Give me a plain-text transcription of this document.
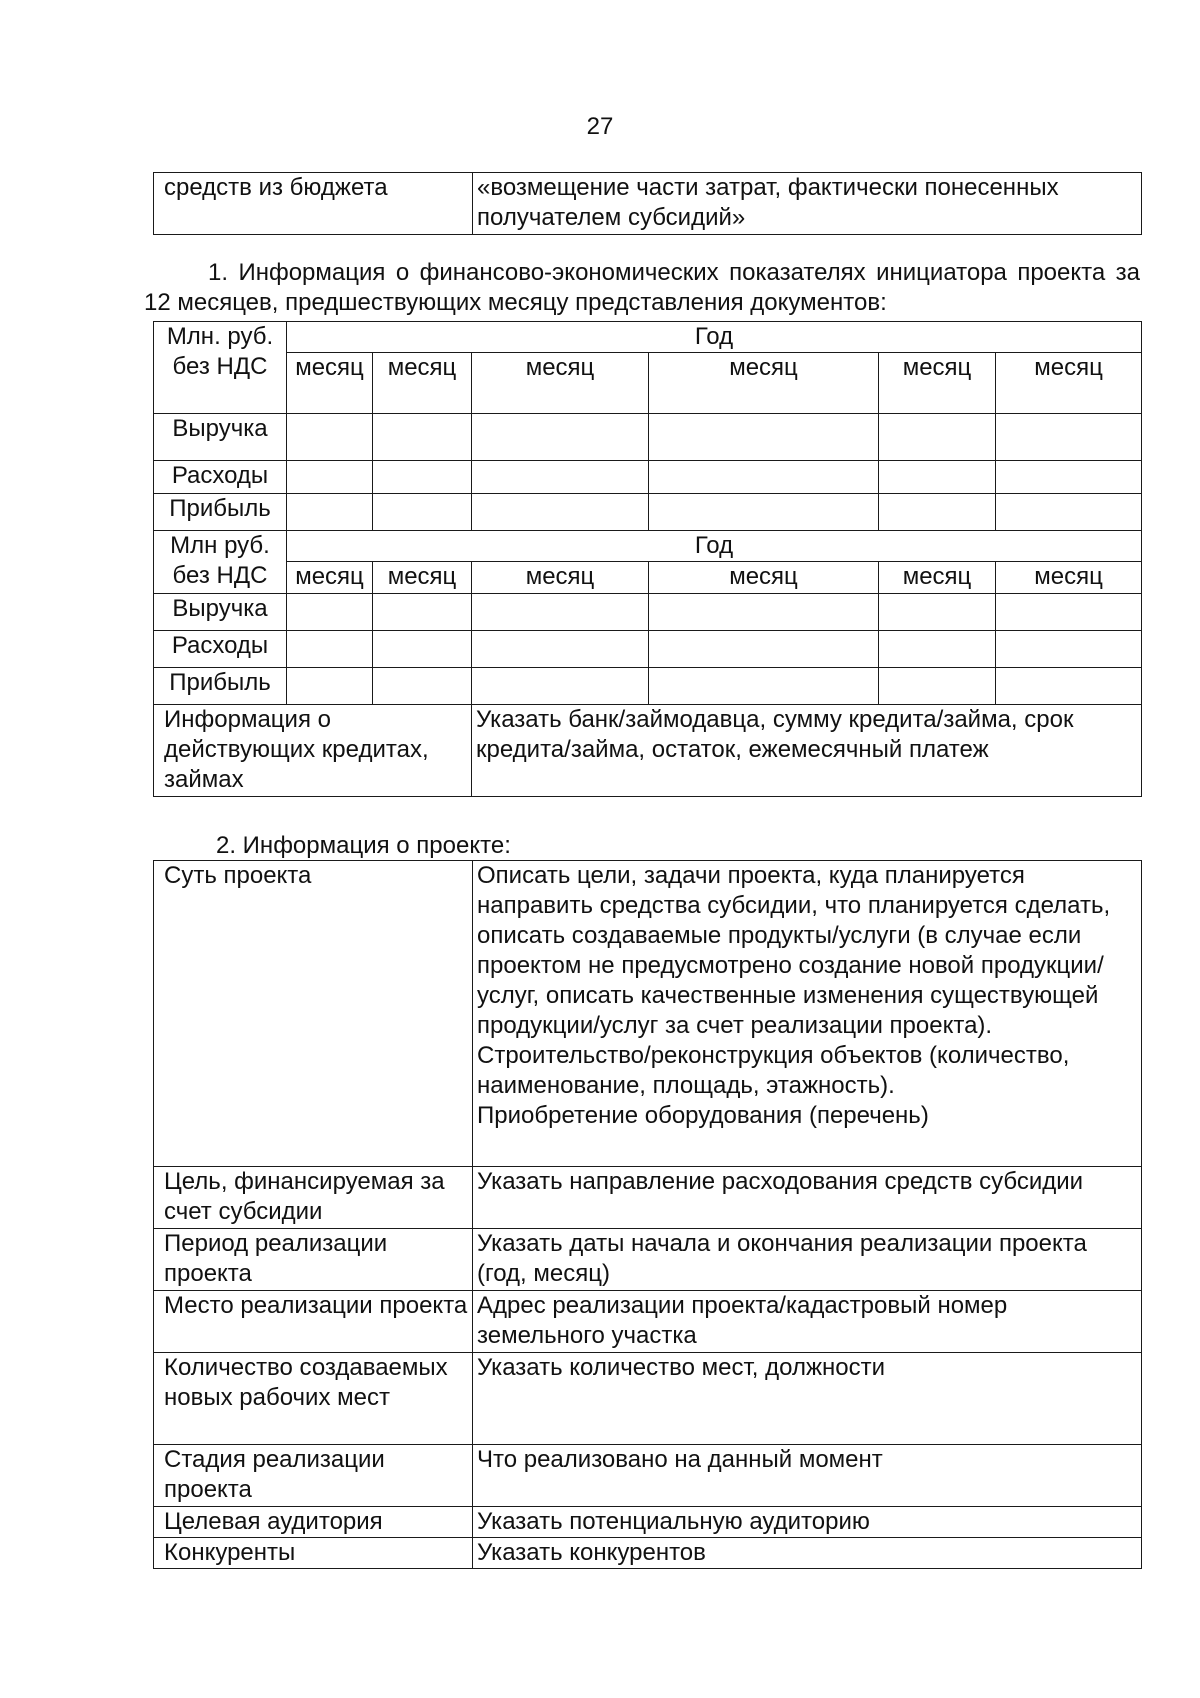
27
средств из бюджета	«возмещение части затрат, фактически понесенных получателем субсидий»
1. Информация о финансово-экономических показателях инициатора проекта за 12 месяцев, предшествующих месяцу представления документов:
Млн. руб. без НДС	Год					
	месяц	месяц	месяц	месяц	месяц	месяц
Выручка						
Расходы						
Прибыль						
Млн руб. без НДС	Год					
	месяц	месяц	месяц	месяц	месяц	месяц
Выручка						
Расходы						
Прибыль						
Информация о действующих кредитах, займах			Указать банк/займодавца, сумму кредита/займа, срок кредита/займа, остаток, ежемесячный платеж			
2. Информация о проекте:
Суть проекта	Описать цели, задачи проекта, куда планируется направить средства субсидии, что планируется сделать, описать создаваемые продукты/услуги (в случае если проектом не предусмотрено создание новой продукции/услуг, описать качественные изменения существующей продукции/услуг за счет реализации проекта).
Строительство/реконструкция объектов (количество, наименование, площадь, этажность).
Приобретение оборудования (перечень)
Цель, финансируемая за счет субсидии	Указать направление расходования средств субсидии
Период реализации проекта	Указать даты начала и окончания реализации проекта (год, месяц)
Место реализации проекта	Адрес реализации проекта/кадастровый номер земельного участка
Количество создаваемых новых рабочих мест	Указать количество мест, должности
Стадия реализации проекта	Что реализовано на данный момент
Целевая аудитория	Указать потенциальную аудиторию
Конкуренты	Указать конкурентов
